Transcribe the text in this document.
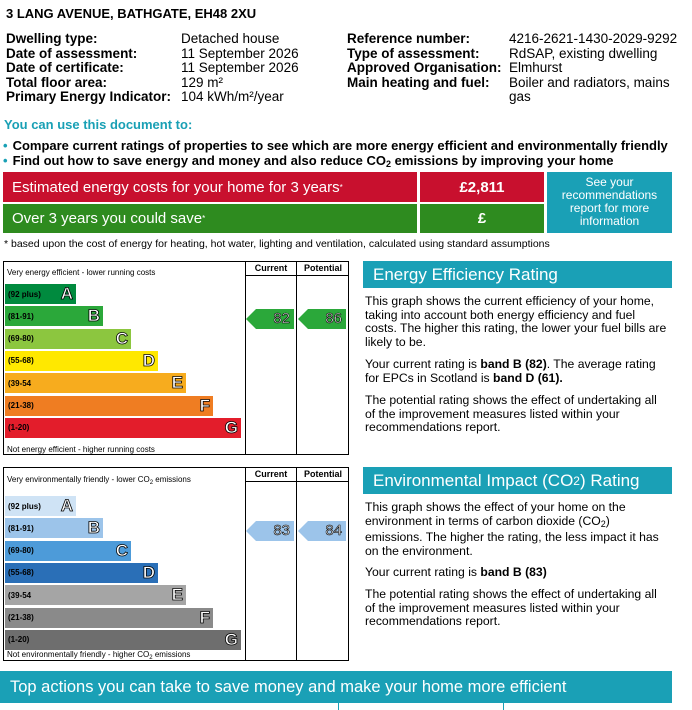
3 LANG AVENUE, BATHGATE, EH48 2XU
Dwelling type:	Detached house
Date of assessment:	11 September 2026
Date of certificate:	11 September 2026
Total floor area:	129 m²
Primary Energy Indicator: 104 kWh/m²/year
Reference number:	4216-2621-1430-2029-9292
Type of assessment:	RdSAP, existing dwelling
Approved Organisation: Elmhurst
Main heating and fuel:	Boiler and radiators, mains
gas
You can use this document to:
• Compare current ratings of properties to see which are more energy efficient and environmentally friendly
• Find out how to save energy and money and also reduce $CO_2$ emissions by improving your home
Estimated energy costs for your home for 3 years *	£2,811
Over 3 years you could save *	£
See your recommendations report for more information
* based upon the cost of energy for heating, hot water, lighting and ventilation, calculated using standard assumptions
Current	Potential
Very energy efficient - lower running costs
Not energy efficient - higher running costs
(92 plus) A
(81-91)	B
(69-80)	C
(55-68)	D
(39-54	E
(21-38)	F
(1-20)	G
82 86
Current	Potential
Very environmentally friendly - lower $CO_2$ emissions
Not environmentally friendly - higher $CO_2$ emissions
(92 plus) A
(81-91)	B
(69-80)	C
(55-68)	D
(39-54	E
(21-38)	F
(1-20)	G
83 84
Energy Efficiency Rating
This graph shows the current efficiency of your home, taking into account both energy efficiency and fuel costs. The higher this rating, the lower your fuel bills are likely to be.
Your current rating is band B (82). The average rating for EPCs in Scotland is band D (61).
The potential rating shows the effect of undertaking all of the improvement measures listed within your recommendations report.
Environmental Impact (CO 2 ) Rating
This graph shows the effect of your home on the environment in terms of carbon dioxide $(CO_2)$ emissions. The higher the rating, the less impact it has on the environment.
Your current rating is band B (83)
The potential rating shows the effect of undertaking all of the improvement measures listed within your recommendations report.
Top actions you can take to save money and make your home more efficient
